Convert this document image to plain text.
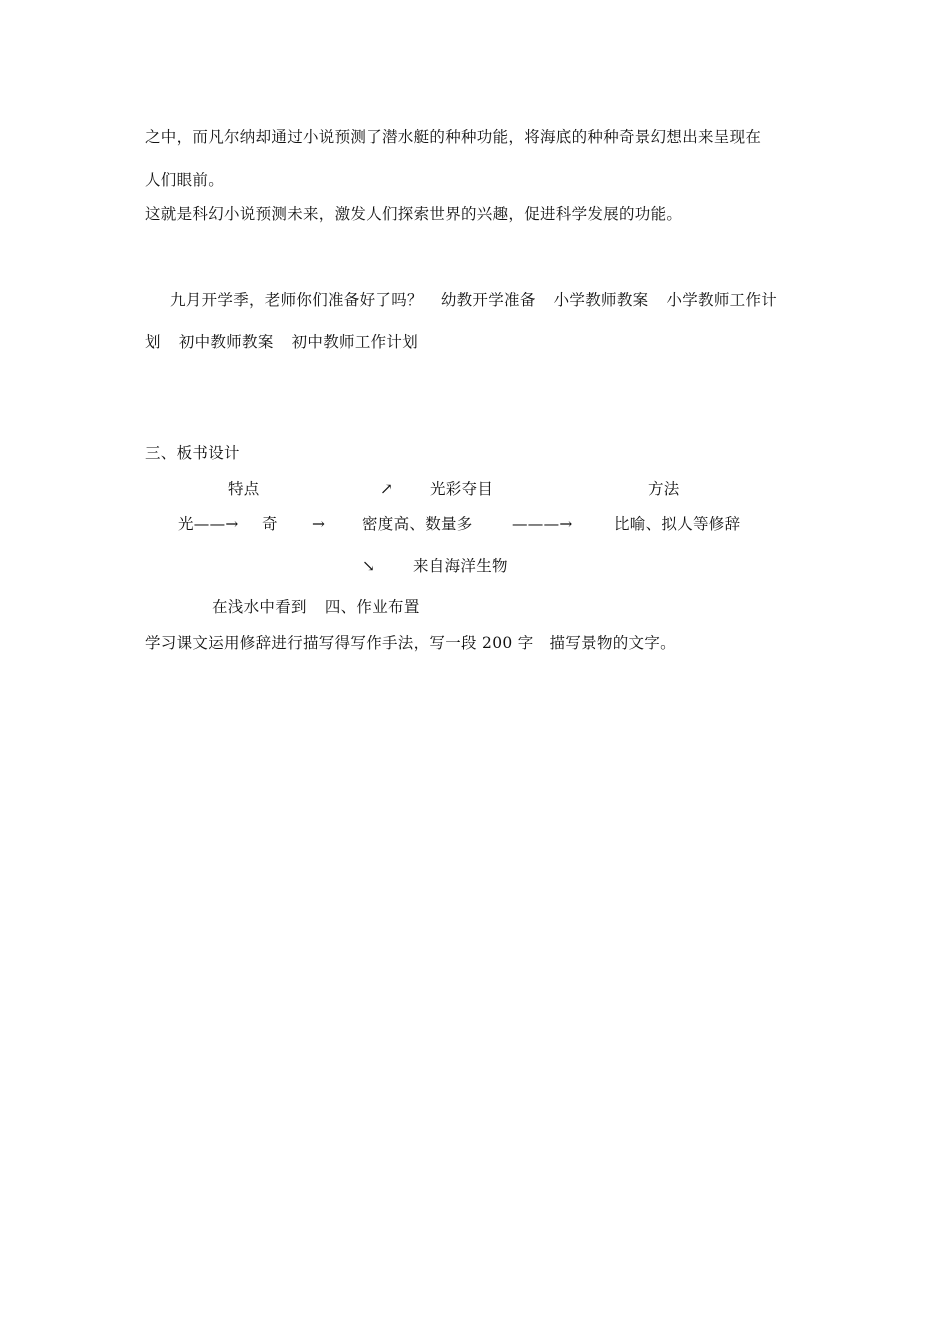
之中，而凡尔纳却通过小说预测了潜水艇的种种功能，将海底的种种奇景幻想出来呈现在
人们眼前。
这就是科幻小说预测未来，激发人们探索世界的兴趣，促进科学发展的功能。
九月开学季，老师你们准备好了吗？ 幼教开学准备 小学教师教案 小学教师工作计
划 初中教师教案 初中教师工作计划
三、板书设计
特点	↗ 光彩夺目	方法
光——→ 奇 → 密度高、数量多	———→	比喻、拟人等修辞
↘ 来自海洋生物
在浅水中看到 四、作业布置
学习课文运用修辞进行描写得写作手法，写一段 200 字 描写景物的文字。
